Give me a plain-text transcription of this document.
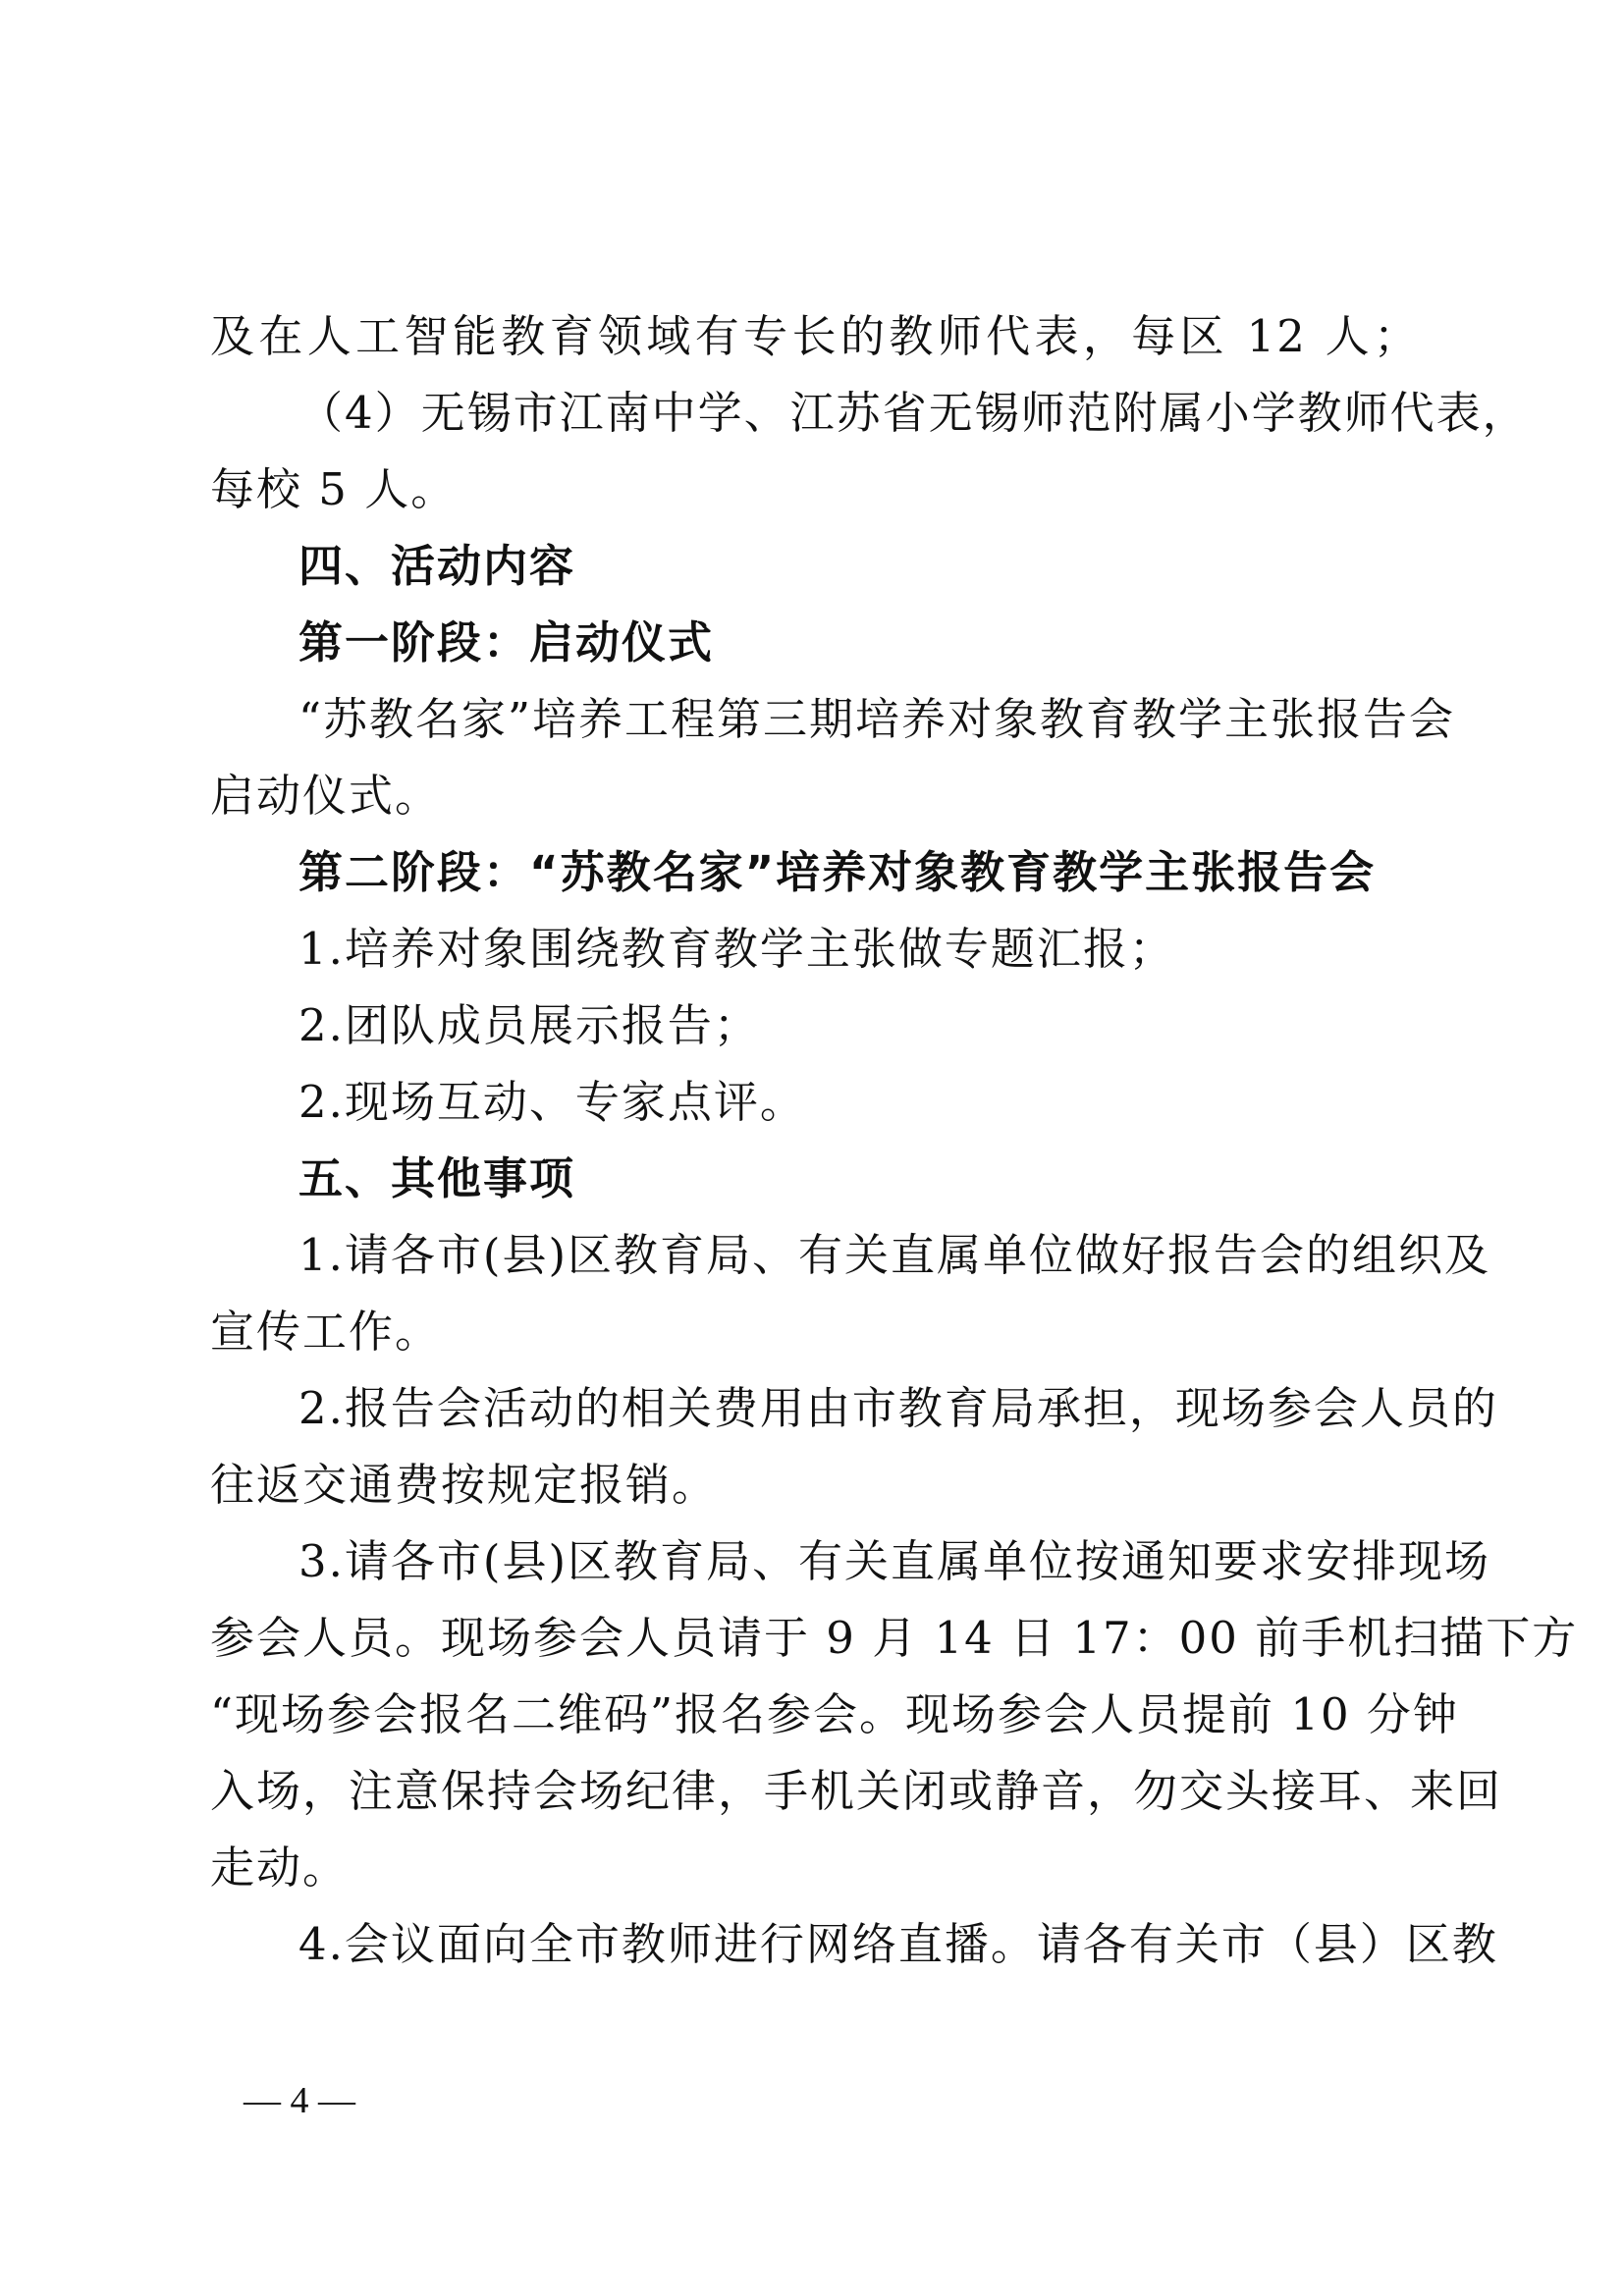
及在人工智能教育领域有专长的教师代表，每区 12 人；
（4）无锡市江南中学、江苏省无锡师范附属小学教师代表，
每校 5 人。
四、活动内容
第一阶段：启动仪式
“苏教名家”培养工程第三期培养对象教育教学主张报告会
启动仪式。
第二阶段：“苏教名家”培养对象教育教学主张报告会
1.培养对象围绕教育教学主张做专题汇报；
2.团队成员展示报告；
2.现场互动、专家点评。
五、其他事项
1.请各市(县)区教育局、有关直属单位做好报告会的组织及
宣传工作。
2.报告会活动的相关费用由市教育局承担，现场参会人员的
往返交通费按规定报销。
3.请各市(县)区教育局、有关直属单位按通知要求安排现场
参会人员。现场参会人员请于 9 月 14 日 17：00 前手机扫描下方
“现场参会报名二维码”报名参会。现场参会人员提前 10 分钟
入场，注意保持会场纪律，手机关闭或静音，勿交头接耳、来回
走动。
4.会议面向全市教师进行网络直播。请各有关市（县）区教
— 4 —
